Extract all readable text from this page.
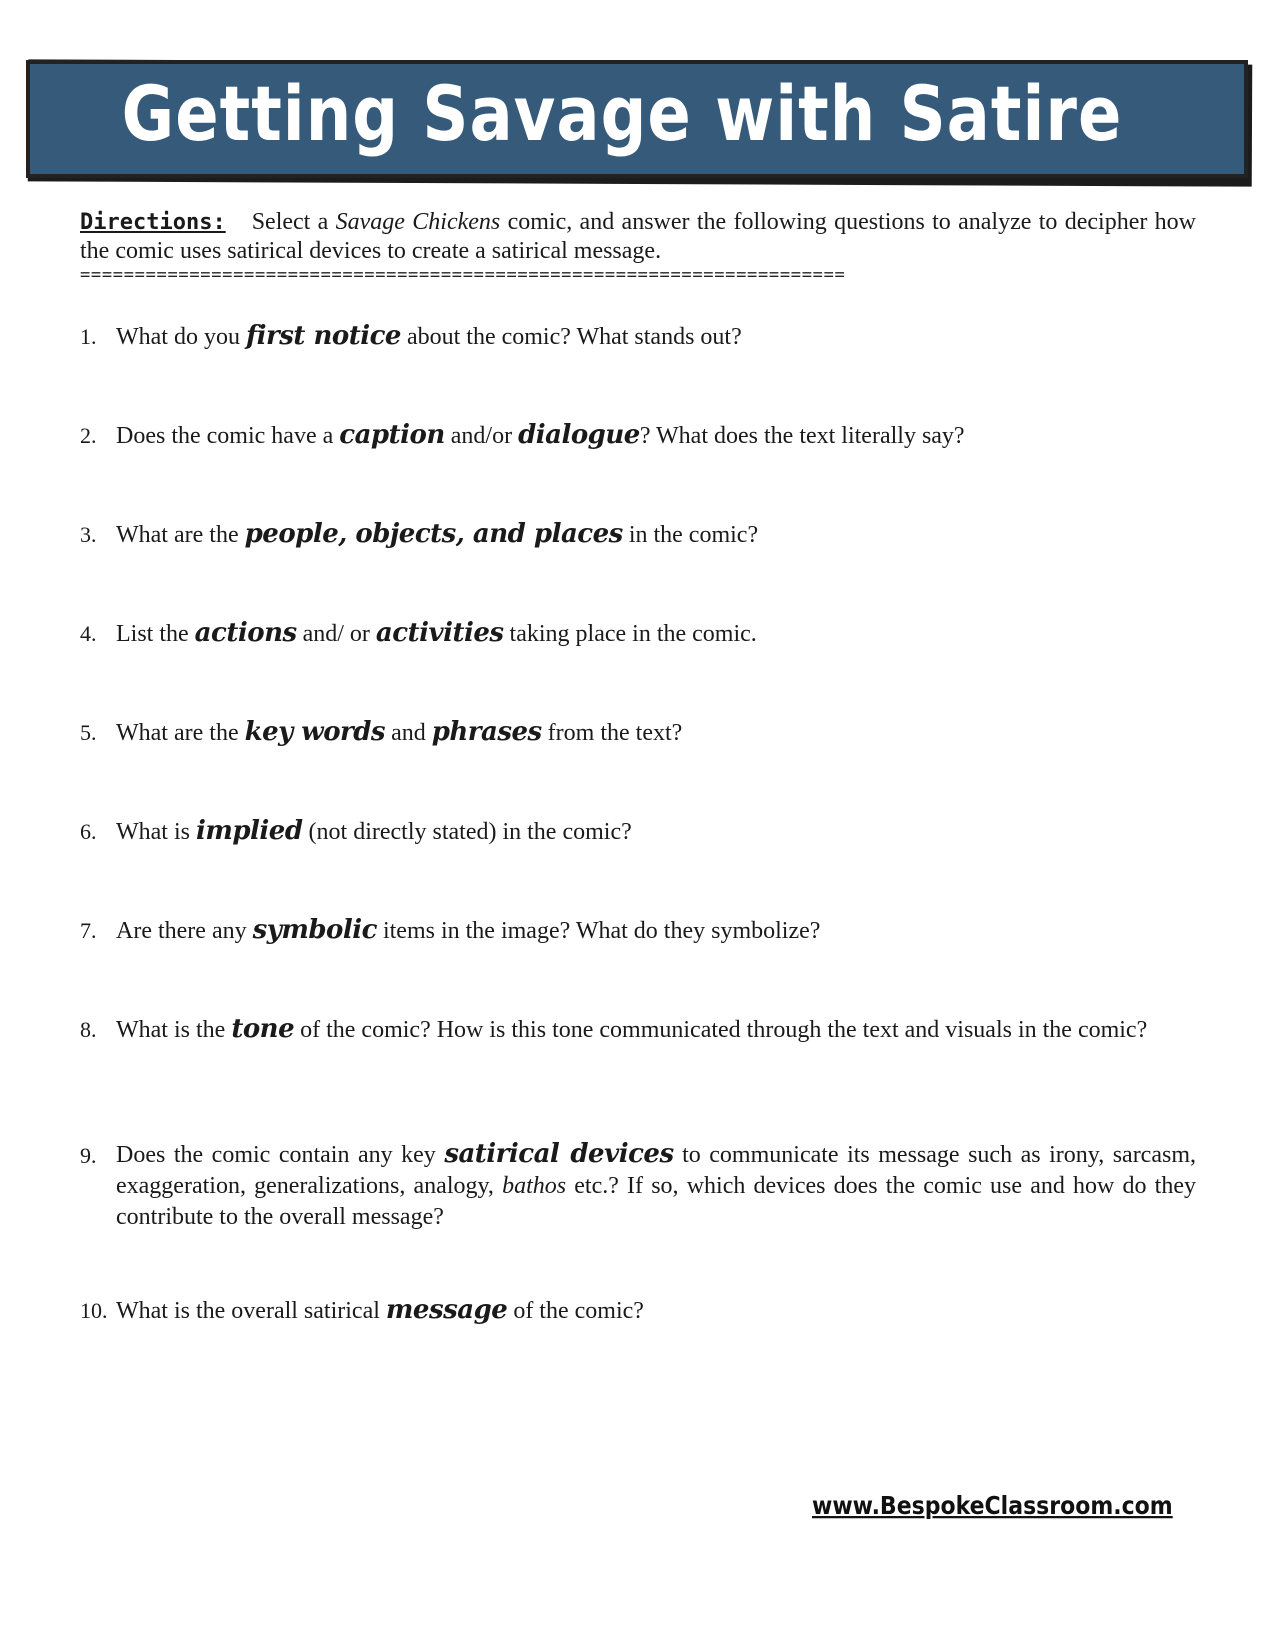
Getting Savage with Satire
Directions: Select a Savage Chickens comic, and answer the following questions to analyze to decipher how the comic uses satirical devices to create a satirical message.
======================================================================
1. What do you first notice about the comic? What stands out?
2. Does the comic have a caption and/or dialogue? What does the text literally say?
3. What are the people, objects, and places in the comic?
4. List the actions and/ or activities taking place in the comic.
5. What are the key words and phrases from the text?
6. What is implied (not directly stated) in the comic?
7. Are there any symbolic items in the image? What do they symbolize?
8. What is the tone of the comic? How is this tone communicated through the text and visuals in the comic?
9. Does the comic contain any key satirical devices to communicate its message such as irony, sarcasm, exaggeration, generalizations, analogy, bathos etc.? If so, which devices does the comic use and how do they contribute to the overall message?
10. What is the overall satirical message of the comic?
www.BespokeClassroom.com
